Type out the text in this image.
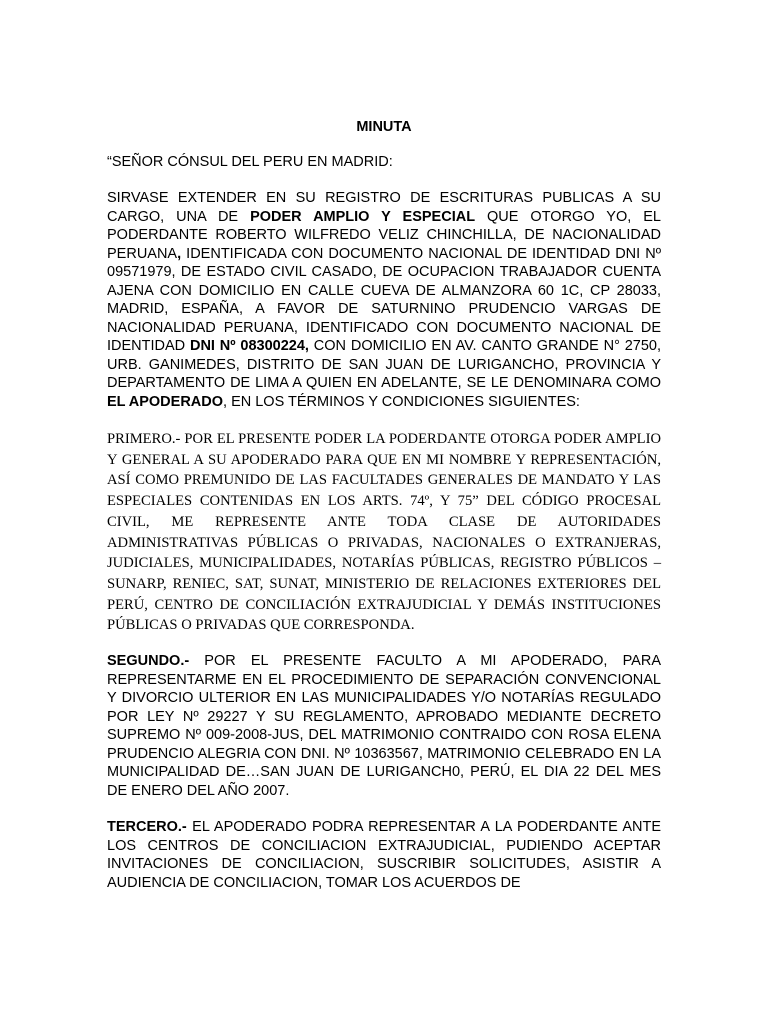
MINUTA
“SEÑOR CÓNSUL DEL PERU EN MADRID:
SIRVASE EXTENDER EN SU REGISTRO DE ESCRITURAS PUBLICAS A SU CARGO, UNA DE PODER AMPLIO Y ESPECIAL QUE OTORGO YO, EL PODERDANTE ROBERTO WILFREDO VELIZ CHINCHILLA, DE NACIONALIDAD PERUANA, IDENTIFICADA CON DOCUMENTO NACIONAL DE IDENTIDAD DNI Nº 09571979, DE ESTADO CIVIL CASADO, DE OCUPACION TRABAJADOR CUENTA AJENA CON DOMICILIO EN CALLE CUEVA DE ALMANZORA 60 1C, CP 28033, MADRID, ESPAÑA, A FAVOR DE SATURNINO PRUDENCIO VARGAS DE NACIONALIDAD PERUANA, IDENTIFICADO CON DOCUMENTO NACIONAL DE IDENTIDAD DNI Nº 08300224, CON DOMICILIO EN AV. CANTO GRANDE N° 2750, URB. GANIMEDES, DISTRITO DE SAN JUAN DE LURIGANCHO, PROVINCIA Y DEPARTAMENTO DE LIMA A QUIEN EN ADELANTE, SE LE DENOMINARA COMO EL APODERADO, EN LOS TÉRMINOS Y CONDICIONES SIGUIENTES:
PRIMERO.- POR EL PRESENTE PODER LA PODERDANTE OTORGA PODER AMPLIO Y GENERAL A SU APODERADO PARA QUE EN MI NOMBRE Y REPRESENTACIÓN, ASÍ COMO PREMUNIDO DE LAS FACULTADES GENERALES DE MANDATO Y LAS ESPECIALES CONTENIDAS EN LOS ARTS. 74º, Y 75” DEL CÓDIGO PROCESAL CIVIL, ME REPRESENTE ANTE TODA CLASE DE AUTORIDADES ADMINISTRATIVAS PÚBLICAS O PRIVADAS, NACIONALES O EXTRANJERAS, JUDICIALES, MUNICIPALIDADES, NOTARÍAS PÚBLICAS, REGISTRO PÚBLICOS –SUNARP, RENIEC, SAT, SUNAT, MINISTERIO DE RELACIONES EXTERIORES DEL PERÚ, CENTRO DE CONCILIACIÓN EXTRAJUDICIAL Y DEMÁS INSTITUCIONES PÚBLICAS O PRIVADAS QUE CORRESPONDA.
SEGUNDO.- POR EL PRESENTE FACULTO A MI APODERADO, PARA REPRESENTARME EN EL PROCEDIMIENTO DE SEPARACIÓN CONVENCIONAL Y DIVORCIO ULTERIOR EN LAS MUNICIPALIDADES Y/O NOTARÍAS REGULADO POR LEY Nº 29227 Y SU REGLAMENTO, APROBADO MEDIANTE DECRETO SUPREMO Nº 009-2008-JUS, DEL MATRIMONIO CONTRAIDO CON ROSA ELENA PRUDENCIO ALEGRIA CON DNI. Nº 10363567, MATRIMONIO CELEBRADO EN LA MUNICIPALIDAD DE…SAN JUAN DE LURIGANCH0, PERÚ, EL DIA 22 DEL MES DE ENERO DEL AÑO 2007.
TERCERO.- EL APODERADO PODRA REPRESENTAR A LA PODERDANTE ANTE LOS CENTROS DE CONCILIACION EXTRAJUDICIAL, PUDIENDO ACEPTAR INVITACIONES DE CONCILIACION, SUSCRIBIR SOLICITUDES, ASISTIR A AUDIENCIA DE CONCILIACION, TOMAR LOS ACUERDOS DE
